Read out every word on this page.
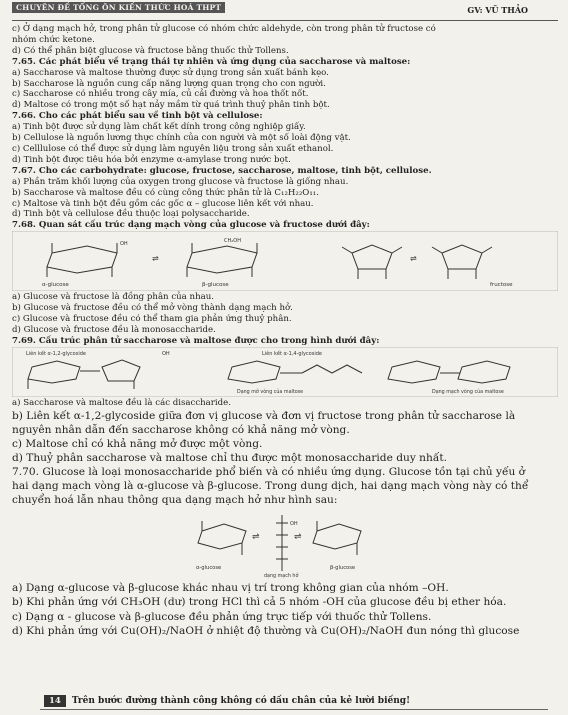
CHUYÊN ĐỀ TỔNG ÔN KIẾN THỨC HOÁ THPT	GV: VŨ THẢO
c) Ở dạng mạch hở, trong phân tử glucose có nhóm chức aldehyde, còn trong phân tử fructose có
nhóm chức ketone.
d) Có thể phân biệt glucose và fructose bằng thuốc thử Tollens.
7.65. Các phát biểu về trạng thái tự nhiên và ứng dụng của saccharose và maltose:
a) Saccharose và maltose thường được sử dụng trong sản xuất bánh kẹo.
b) Saccharose là nguồn cung cấp năng lượng quan trọng cho con người.
c) Saccharose có nhiều trong cây mía, củ cải đường và hoa thốt nốt.
d) Maltose có trong một số hạt nảy mầm từ quá trình thuỷ phân tinh bột.
7.66. Cho các phát biểu sau về tinh bột và cellulose:
a) Tinh bột được sử dụng làm chất kết dính trong công nghiệp giấy.
b) Cellulose là nguồn lương thực chính của con người và một số loài động vật.
c) Celllulose có thể được sử dụng làm nguyên liệu trong sản xuất ethanol.
d) Tinh bột được tiêu hóa bởi enzyme α-amylase trong nước bọt.
7.67. Cho các carbohydrate: glucose, fructose, saccharose, maltose, tinh bột, cellulose.
a) Phần trăm khối lượng của oxygen trong glucose và fructose là giống nhau.
b) Saccharose và maltose đều có cùng công thức phân tử là C₁₂H₂₂O₁₁.
c) Maltose và tinh bột đều gồm các gốc α – glucose liên kết với nhau.
d) Tinh bột và cellulose đều thuộc loại polysaccharide.
7.68. Quan sát cấu trúc dạng mạch vòng của glucose và fructose dưới đây:
α-glucose
OH
⇌
β-glucose
CH₂OH
⇌
fructose
a) Glucose và fructose là đồng phân của nhau.
b) Glucose và fructose đều có thể mở vòng thành dạng mạch hở.
c) Glucose và fructose đều có thể tham gia phản ứng thuỷ phân.
d) Glucose và fructose đều là monosaccharide.
7.69. Cấu trúc phân tử saccharose và maltose được cho trong hình dưới đây:
Liên kết α-1,2-glycoside	OH	Liên kết α-1,4-glycoside
Dạng mở vòng của maltose	Dạng mạch vòng của maltose
a) Saccharose và maltose đều là các disaccharide.
b) Liên kết α-1,2-glycoside giữa đơn vị glucose và đơn vị fructose trong phân tử saccharose là
nguyên nhân dẫn đến saccharose không có khả năng mở vòng.
c) Maltose chỉ có khả năng mở được một vòng.
d) Thuỷ phân saccharose và maltose chỉ thu được một monosaccharide duy nhất.
7.70. Glucose là loại monosaccharide phổ biến và có nhiều ứng dụng. Glucose tồn tại chủ yếu ở
hai dạng mạch vòng là α-glucose và β-glucose. Trong dung dịch, hai dạng mạch vòng này có thể
chuyển hoá lẫn nhau thông qua dạng mạch hở như hình sau:
α-glucose
⇌
OH
⇌
β-glucose
dạng mạch hở
a) Dạng α-glucose và β-glucose khác nhau vị trí trong không gian của nhóm –OH.
b) Khi phản ứng với CH₃OH (dư) trong HCl thì cả 5 nhóm -OH của glucose đều bị ether hóa.
c) Dạng α - glucose và β-glucose đều phản ứng trực tiếp với thuốc thử Tollens.
d) Khi phản ứng với Cu(OH)₂/NaOH ở nhiệt độ thường và Cu(OH)₂/NaOH đun nóng thì glucose
14 Trên bước đường thành công không có dấu chân của kẻ lười biếng!
